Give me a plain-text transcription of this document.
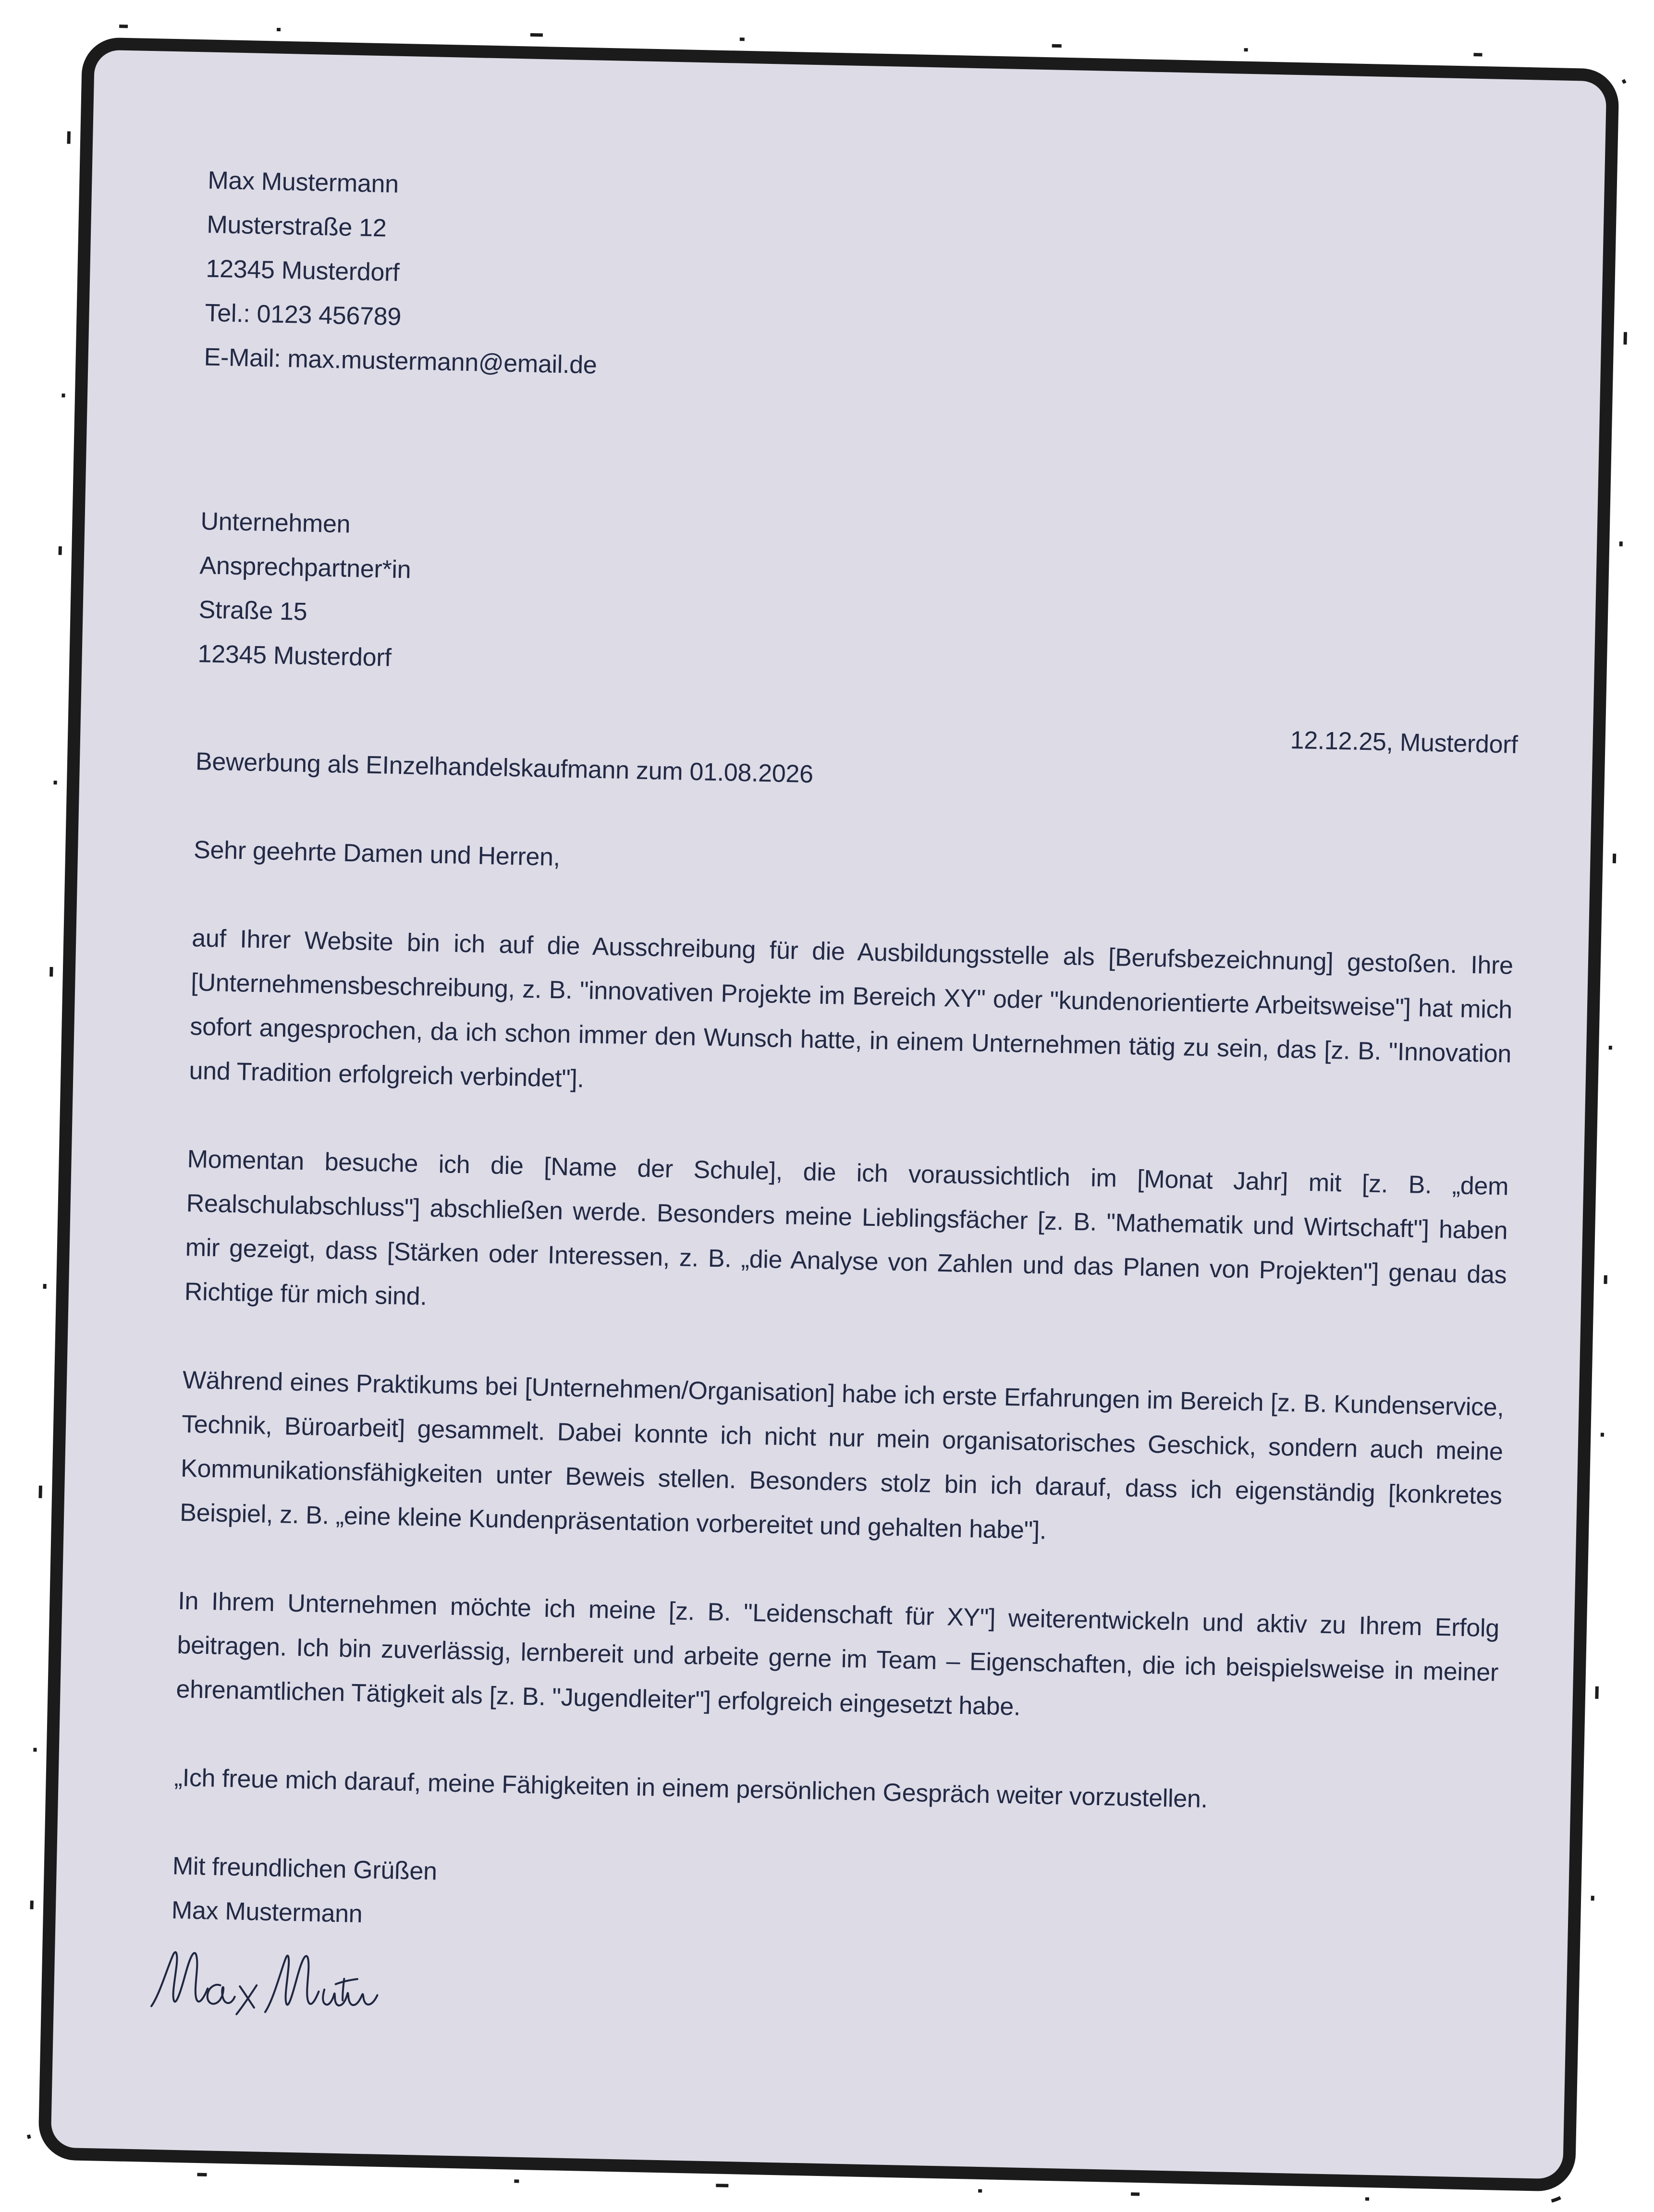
Max Mustermann
Musterstraße 12
12345 Musterdorf
Tel.: 0123 456789
E-Mail: max.mustermann@email.de
Unternehmen
Ansprechpartner*in
Straße 15
12345 Musterdorf
12.12.25, Musterdorf
Bewerbung als EInzelhandelskaufmann zum 01.08.2026
Sehr geehrte Damen und Herren,

auf Ihrer Website bin ich auf die Ausschreibung für die Ausbildungsstelle als [Berufsbezeichnung] gestoßen. Ihre [Unternehmensbeschreibung, z. B. "innovativen Projekte im Bereich XY" oder "kundenorientierte Arbeitsweise"] hat mich sofort angesprochen, da ich schon immer den Wunsch hatte, in einem Unternehmen tätig zu sein, das [z. B. "Innovation und Tradition erfolgreich verbindet"].

Momentan besuche ich die [Name der Schule], die ich voraussichtlich im [Monat Jahr] mit [z. B. „dem Realschulabschluss"] abschließen werde. Besonders meine Lieblingsfächer [z. B. "Mathematik und Wirtschaft"] haben mir gezeigt, dass [Stärken oder Interessen, z. B. „die Analyse von Zahlen und das Planen von Projekten"] genau das Richtige für mich sind.

Während eines Praktikums bei [Unternehmen/Organisation] habe ich erste Erfahrungen im Bereich [z. B. Kundenservice, Technik, Büroarbeit] gesammelt. Dabei konnte ich nicht nur mein organisatorisches Geschick, sondern auch meine Kommunikationsfähigkeiten unter Beweis stellen. Besonders stolz bin ich darauf, dass ich eigenständig [konkretes Beispiel, z. B. „eine kleine Kundenpräsentation vorbereitet und gehalten habe"].

In Ihrem Unternehmen möchte ich meine [z. B. "Leidenschaft für XY"] weiterentwickeln und aktiv zu Ihrem Erfolg beitragen. Ich bin zuverlässig, lernbereit und arbeite gerne im Team – Eigenschaften, die ich beispielsweise in meiner ehrenamtlichen Tätigkeit als [z. B. "Jugendleiter"] erfolgreich eingesetzt habe.

„Ich freue mich darauf, meine Fähigkeiten in einem persönlichen Gespräch weiter vorzustellen.
Mit freundlichen Grüßen
Max Mustermann
